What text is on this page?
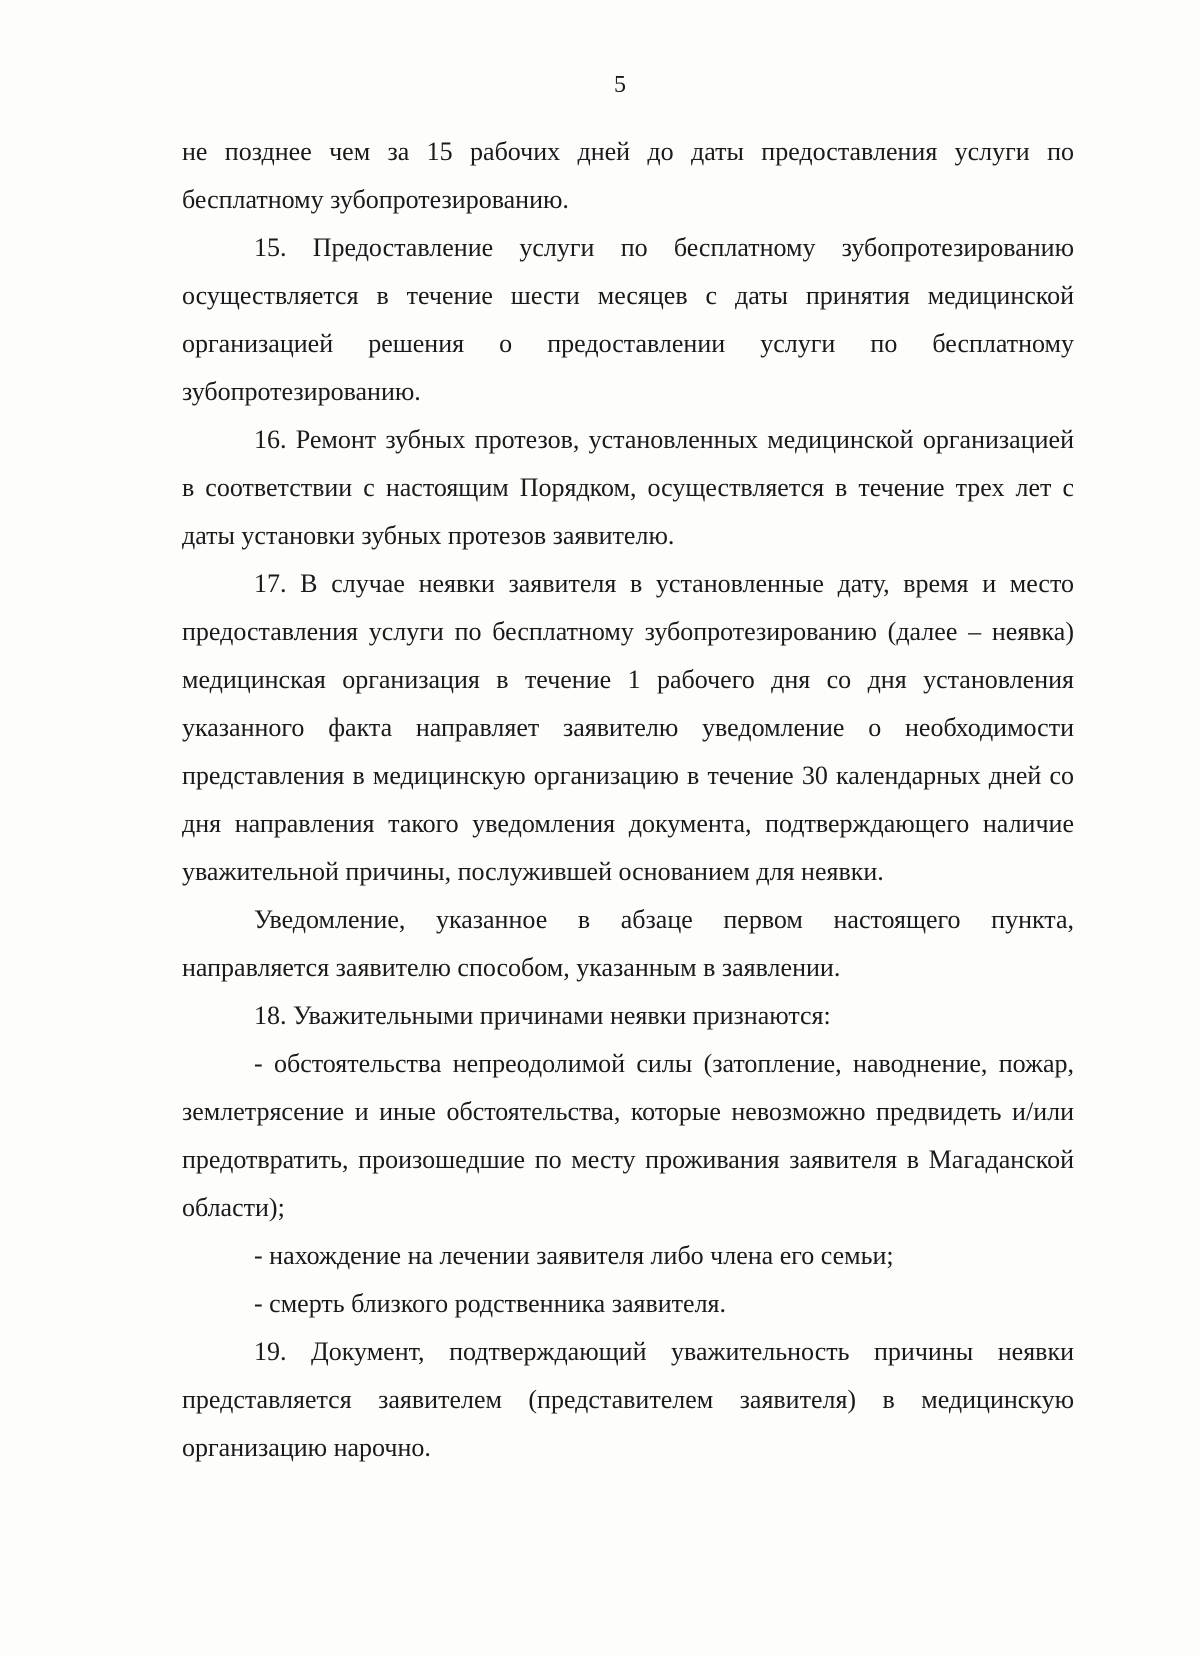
5

не позднее чем за 15 рабочих дней до даты предоставления услуги по бесплатному зубопротезированию.

15. Предоставление услуги по бесплатному зубопротезированию осуществляется в течение шести месяцев с даты принятия медицинской организацией решения о предоставлении услуги по бесплатному зубопротезированию.

16. Ремонт зубных протезов, установленных медицинской организацией в соответствии с настоящим Порядком, осуществляется в течение трех лет с даты установки зубных протезов заявителю.

17. В случае неявки заявителя в установленные дату, время и место предоставления услуги по бесплатному зубопротезированию (далее – неявка) медицинская организация в течение 1 рабочего дня со дня установления указанного факта направляет заявителю уведомление о необходимости представления в медицинскую организацию в течение 30 календарных дней со дня направления такого уведомления документа, подтверждающего наличие уважительной причины, послужившей основанием для неявки.

Уведомление, указанное в абзаце первом настоящего пункта, направляется заявителю способом, указанным в заявлении.

18. Уважительными причинами неявки признаются:

- обстоятельства непреодолимой силы (затопление, наводнение, пожар, землетрясение и иные обстоятельства, которые невозможно предвидеть и/или предотвратить, произошедшие по месту проживания заявителя в Магаданской области);

- нахождение на лечении заявителя либо члена его семьи;

- смерть близкого родственника заявителя.

19. Документ, подтверждающий уважительность причины неявки представляется заявителем (представителем заявителя) в медицинскую организацию нарочно.
